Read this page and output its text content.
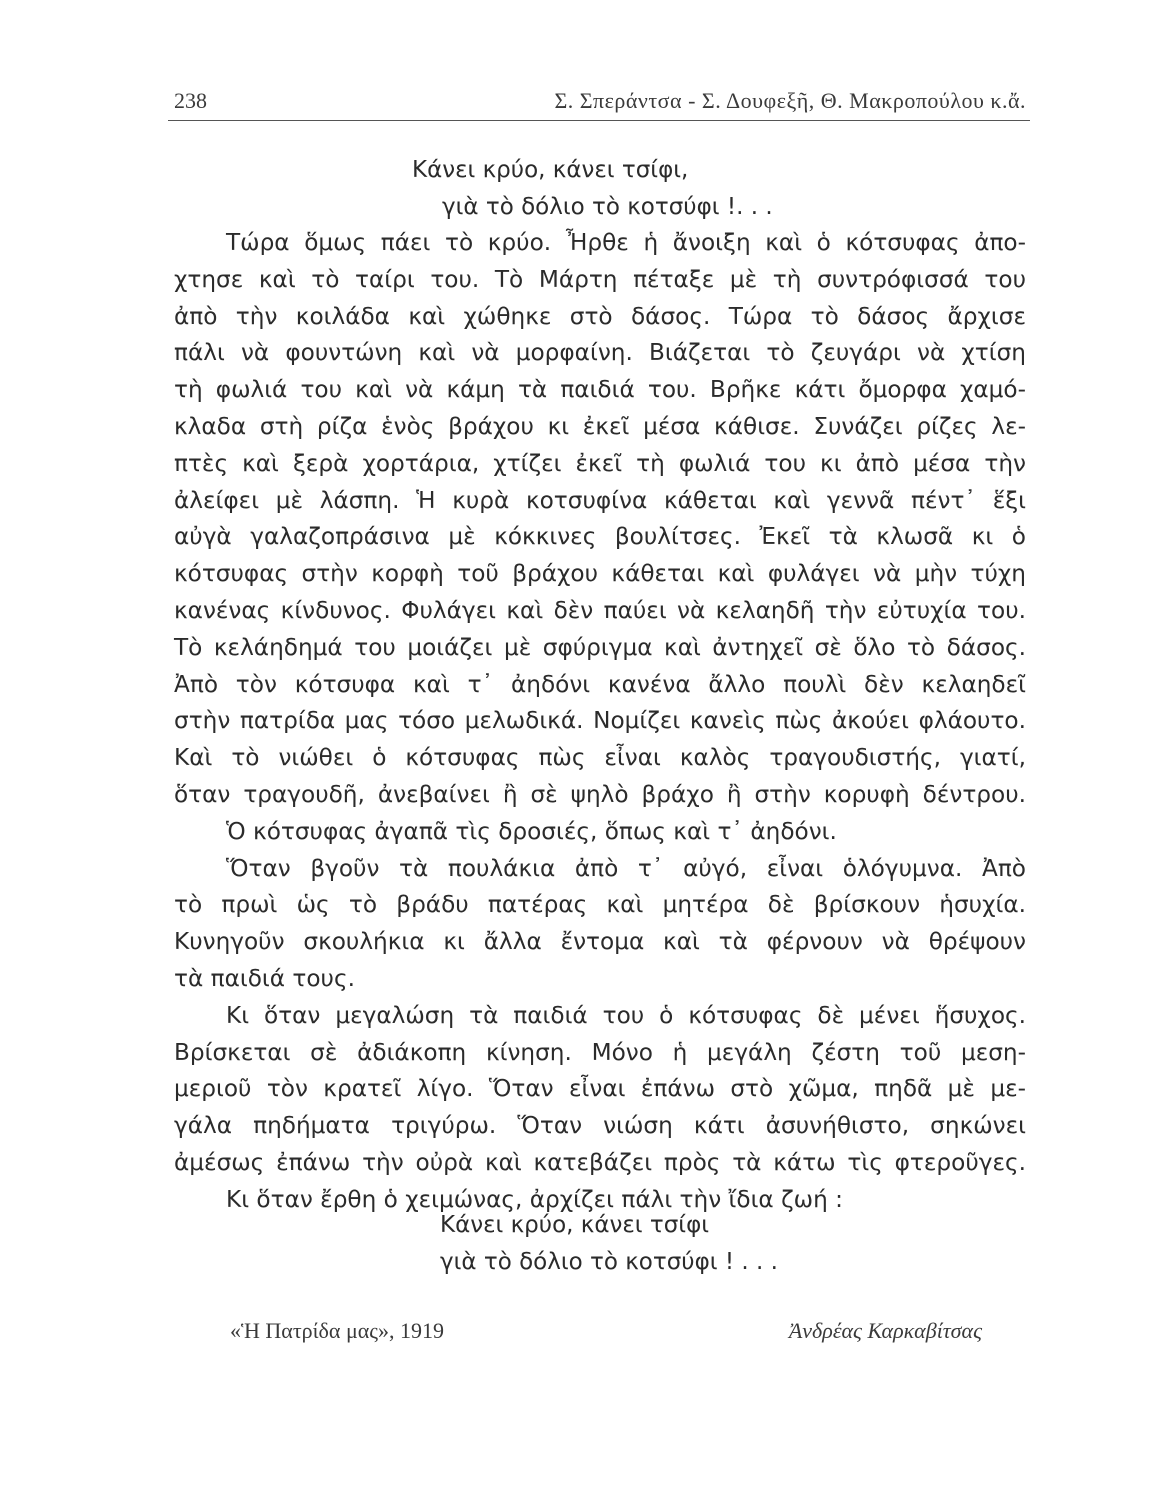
238	Σ. Σπεράντσα - Σ. Δουφεξῆ, Θ. Μακροπούλου κ.ἄ.
Κάνει κρύο, κάνει τσίφι,
γιὰ τὸ δόλιο τὸ κοτσύφι !. . .
Τώρα ὅμως πάει τὸ κρύο. Ἦρθε ἡ ἄνοιξη καὶ ὁ κότσυφας ἀπο-
χτησε καὶ τὸ ταίρι του. Τὸ Μάρτη πέταξε μὲ τὴ συντρόφισσά του
ἀπὸ τὴν κοιλάδα καὶ χώθηκε στὸ δάσος. Τώρα τὸ δάσος ἄρχισε
πάλι νὰ φουντώνη καὶ νὰ μορφαίνη. Βιάζεται τὸ ζευγάρι νὰ χτίση
τὴ φωλιά του καὶ νὰ κάμη τὰ παιδιά του. Βρῆκε κάτι ὄμορφα χαμό-
κλαδα στὴ ρίζα ἑνὸς βράχου κι ἐκεῖ μέσα κάθισε. Συνάζει ρίζες λε-
πτὲς καὶ ξερὰ χορτάρια, χτίζει ἐκεῖ τὴ φωλιά του κι ἀπὸ μέσα τὴν
ἀλείφει μὲ λάσπη. Ἡ κυρὰ κοτσυφίνα κάθεται καὶ γεννᾶ πέντ᾽ ἕξι
αὐγὰ γαλαζοπράσινα μὲ κόκκινες βουλίτσες. Ἐκεῖ τὰ κλωσᾶ κι ὁ
κότσυφας στὴν κορφὴ τοῦ βράχου κάθεται καὶ φυλάγει νὰ μὴν τύχη
κανένας κίνδυνος. Φυλάγει καὶ δὲν παύει νὰ κελαηδῆ τὴν εὐτυχία του.
Τὸ κελάηδημά του μοιάζει μὲ σφύριγμα καὶ ἀντηχεῖ σὲ ὅλο τὸ δάσος.
Ἀπὸ τὸν κότσυφα καὶ τ᾽ ἀηδόνι κανένα ἄλλο πουλὶ δὲν κελαηδεῖ
στὴν πατρίδα μας τόσο μελωδικά. Νομίζει κανεὶς πὼς ἀκούει φλάουτο.
Καὶ τὸ νιώθει ὁ κότσυφας πὼς εἶναι καλὸς τραγουδιστής, γιατί,
ὅταν τραγουδῆ, ἀνεβαίνει ἢ σὲ ψηλὸ βράχο ἢ στὴν κορυφὴ δέντρου.
Ὁ κότσυφας ἀγαπᾶ τὶς δροσιές, ὅπως καὶ τ᾽ ἀηδόνι.
Ὅταν βγοῦν τὰ πουλάκια ἀπὸ τ᾽ αὐγό, εἶναι ὁλόγυμνα. Ἀπὸ
τὸ πρωὶ ὡς τὸ βράδυ πατέρας καὶ μητέρα δὲ βρίσκουν ἡσυχία.
Κυνηγοῦν σκουλήκια κι ἄλλα ἔντομα καὶ τὰ φέρνουν νὰ θρέψουν
τὰ παιδιά τους.
Κι ὅταν μεγαλώση τὰ παιδιά του ὁ κότσυφας δὲ μένει ἥσυχος.
Βρίσκεται σὲ ἀδιάκοπη κίνηση. Μόνο ἡ μεγάλη ζέστη τοῦ μεση-
μεριοῦ τὸν κρατεῖ λίγο. Ὅταν εἶναι ἐπάνω στὸ χῶμα, πηδᾶ μὲ με-
γάλα πηδήματα τριγύρω. Ὅταν νιώση κάτι ἀσυνήθιστο, σηκώνει
ἀμέσως ἐπάνω τὴν οὐρὰ καὶ κατεβάζει πρὸς τὰ κάτω τὶς φτεροῦγες.
Κι ὅταν ἔρθη ὁ χειμώνας, ἀρχίζει πάλι τὴν ἴδια ζωή :
Κάνει κρύο, κάνει τσίφι
γιὰ τὸ δόλιο τὸ κοτσύφι ! . . .
«Ἡ Πατρίδα μας», 1919	Ἀνδρέας Καρκαβίτσας
